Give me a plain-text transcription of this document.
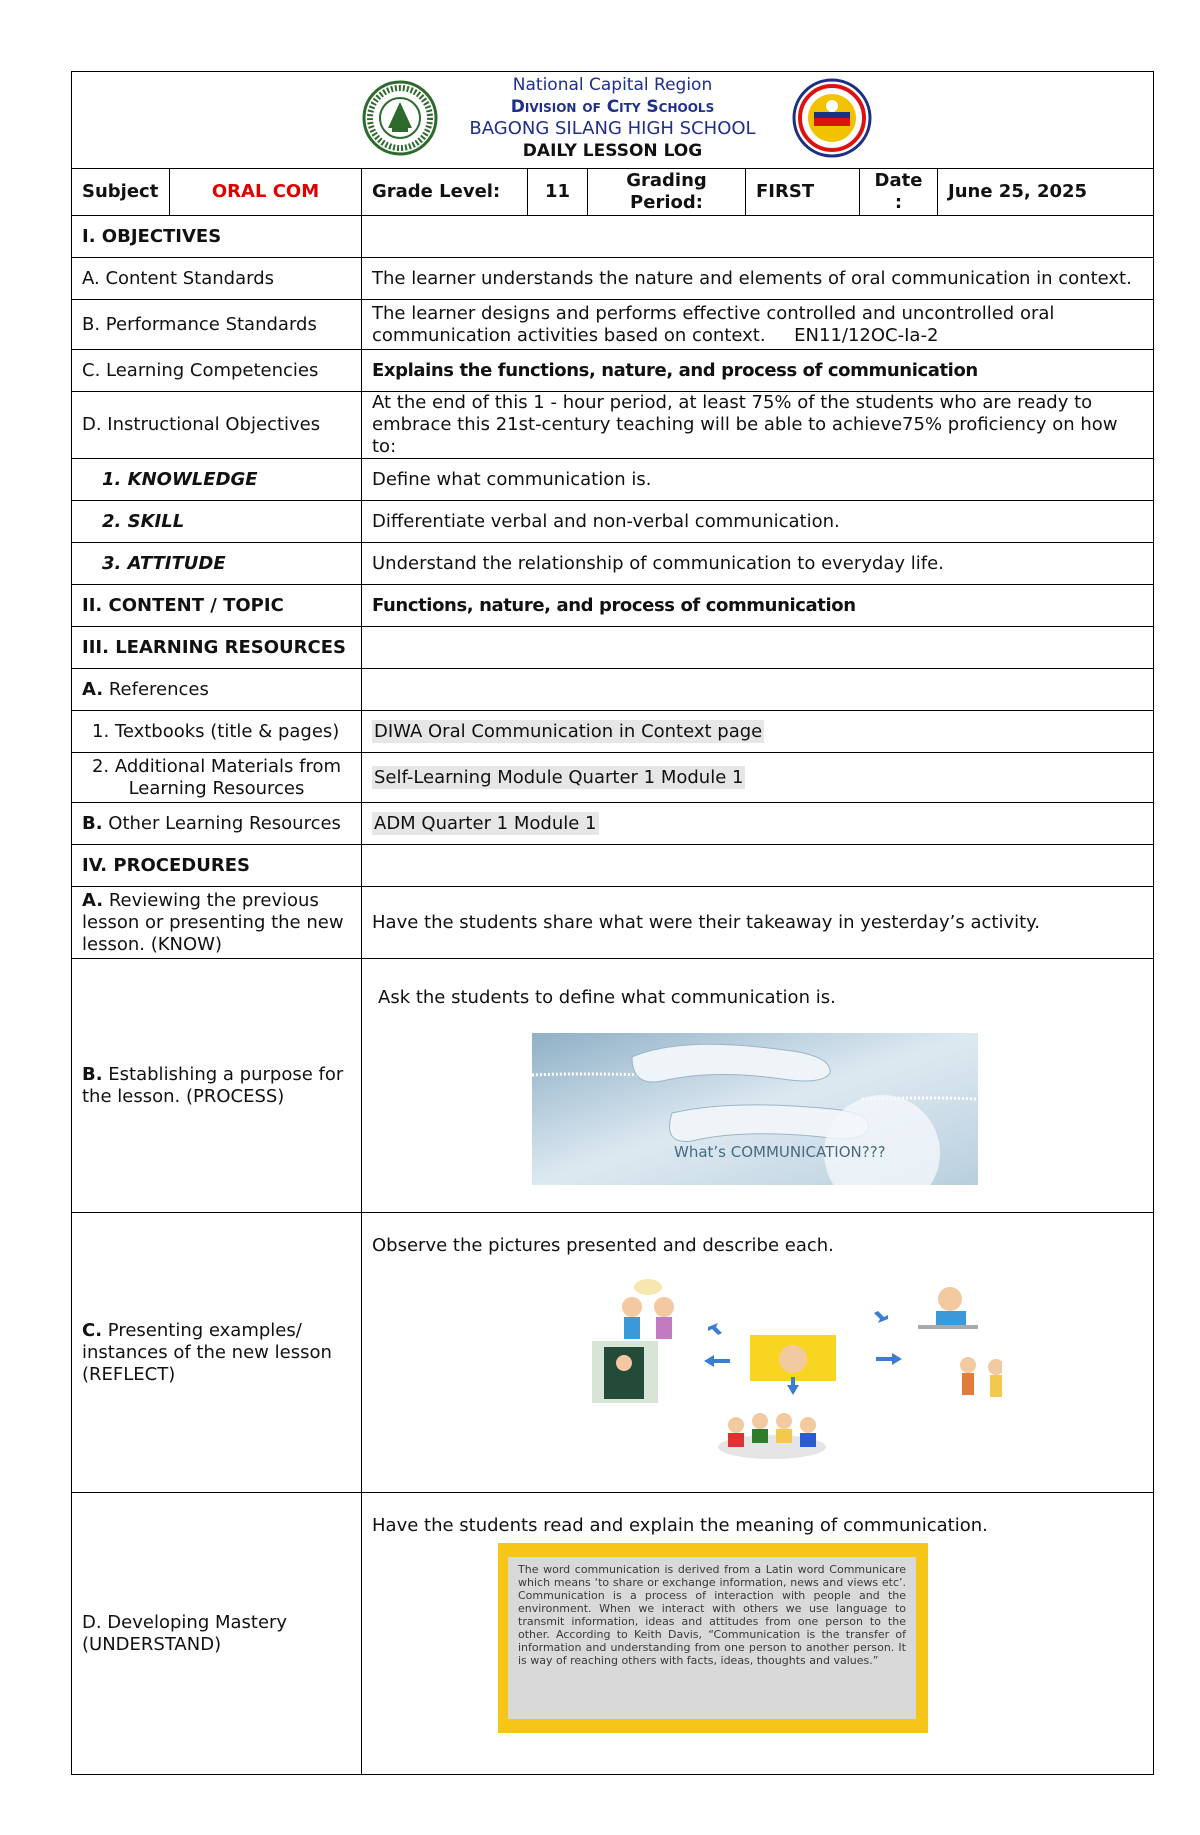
National Capital Region
Division of City Schools
BAGONG SILANG HIGH SCHOOL
DAILY LESSON LOG							

Subject	ORAL COM	Grade Level:	11	Grading Period:	FIRST	Date :	June 25, 2025
I. OBJECTIVES							
A. Content Standards		The learner understands the nature and elements of oral communication in context.					
B. Performance Standards		The learner designs and performs effective controlled and uncontrolled oral communication activities based on context.     EN11/12OC-Ia-2					
C. Learning Competencies		Explains the functions, nature, and process of communication					
D. Instructional Objectives		At the end of this 1 - hour period, at least 75% of the students who are ready to embrace this 21st-century teaching will be able to achieve75% proficiency on how to:					
1. KNOWLEDGE		Define what communication is.					
2. SKILL		Differentiate verbal and non-verbal communication.					
3. ATTITUDE		Understand the relationship of communication to everyday life.					
II. CONTENT / TOPIC		Functions, nature, and process of communication					
III. LEARNING RESOURCES							
A. References							
1. Textbooks (title & pages)		DIWA Oral Communication in Context page					
2. Additional Materials from Learning Resources		Self-Learning Module Quarter 1 Module 1					
B. Other Learning Resources		ADM Quarter 1 Module 1					
IV. PROCEDURES							
A. Reviewing the previous lesson or presenting the new lesson. (KNOW)		Have the students share what were their takeaway in yesterday’s activity.					
B. Establishing a purpose for the lesson. (PROCESS)		Ask the students to define what communication is.
What’s COMMUNICATION???					

C. Presenting examples/ instances of the new lesson (REFLECT)		Observe the pictures presented and describe each.					

D. Developing Mastery (UNDERSTAND)		Have the students read and explain the meaning of communication.
The word communication is derived from a Latin word Communicare which means ‘to share or exchange information, news and views etc’. Communication is a process of interaction with people and the environment. When we interact with others we use language to transmit information, ideas and attitudes from one person to the other. According to Keith Davis, “Communication is the transfer of information and understanding from one person to another person. It is way of reaching others with facts, ideas, thoughts and values.”					
